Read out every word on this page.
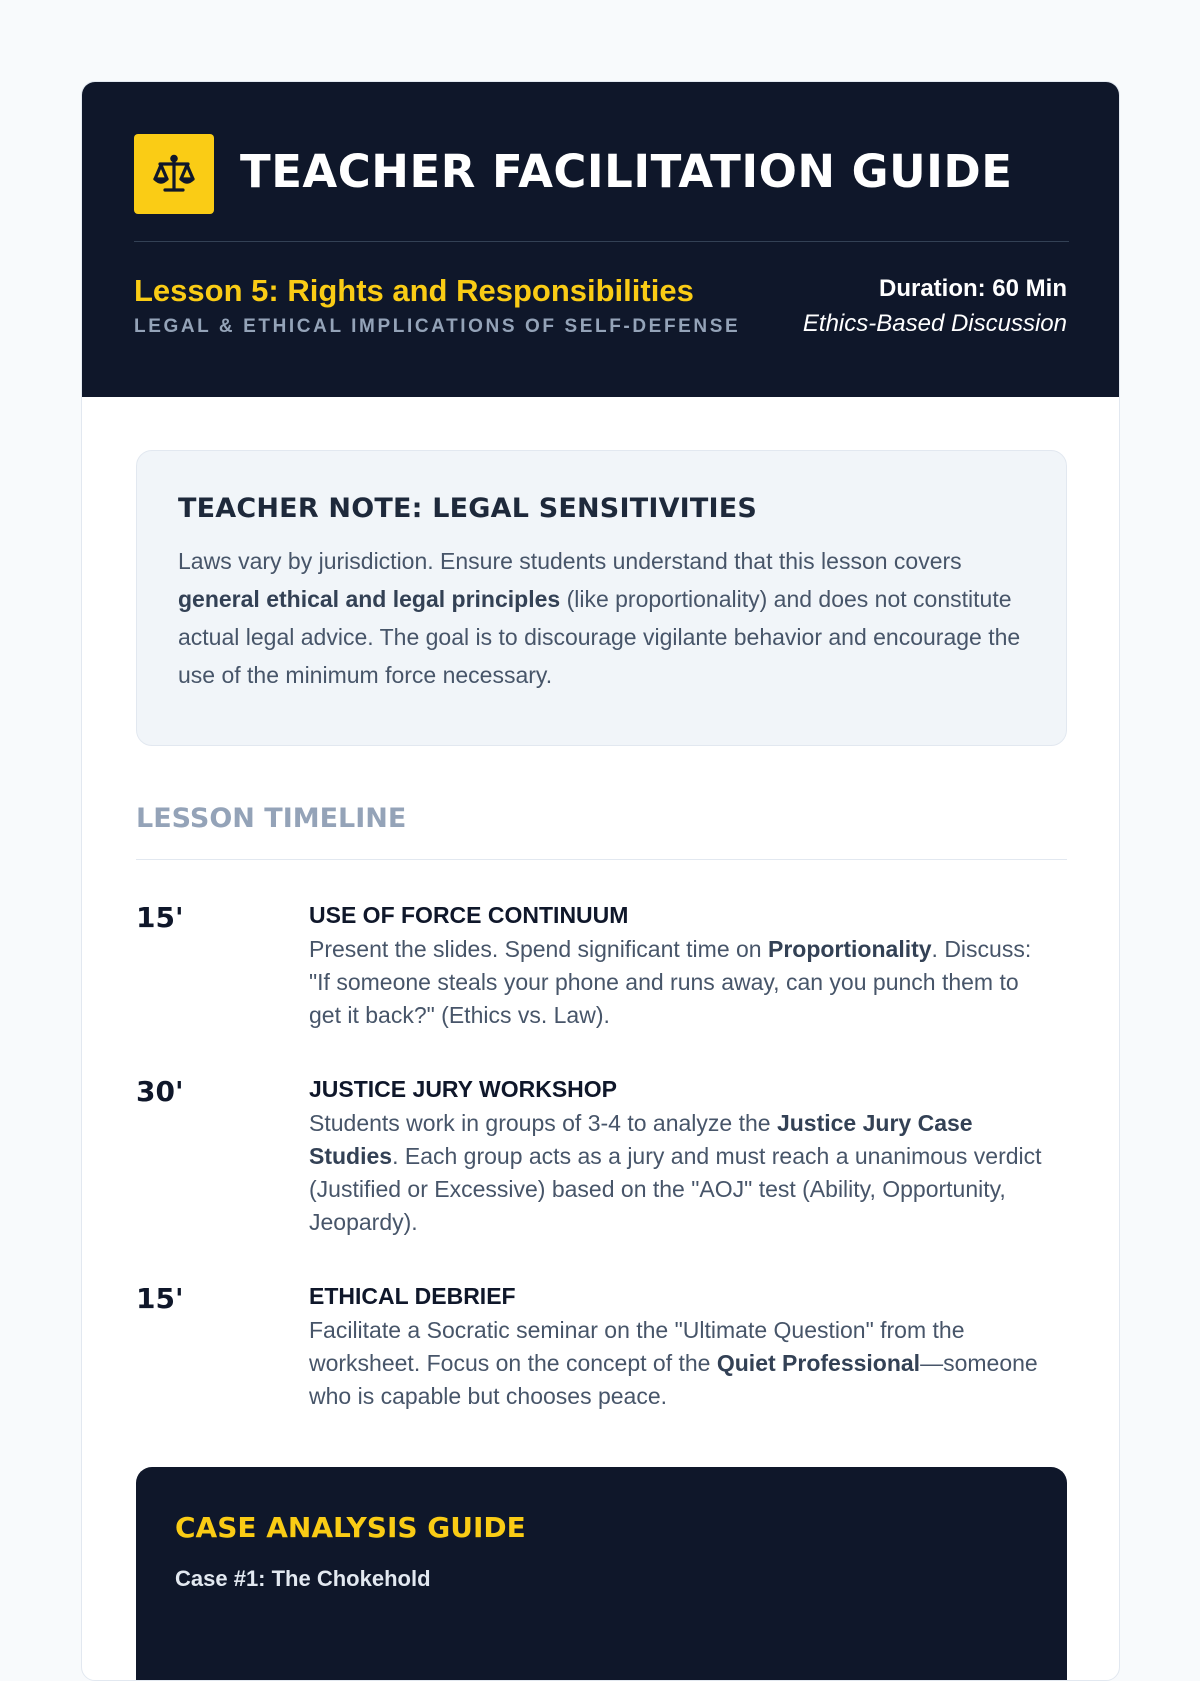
TEACHER FACILITATION GUIDE
Lesson 5: Rights and Responsibilities
LEGAL & ETHICAL IMPLICATIONS OF SELF-DEFENSE
Duration: 60 Min
Ethics-Based Discussion

TEACHER NOTE: LEGAL SENSITIVITIES

Laws vary by jurisdiction. Ensure students understand that this lesson covers general ethical and legal principles (like proportionality) and does not constitute actual legal advice. The goal is to discourage vigilante behavior and encourage the use of the minimum force necessary.

LESSON TIMELINE
15'	USE OF FORCE CONTINUUM

Present the slides. Spend significant time on Proportionality. Discuss: "If someone steals your phone and runs away, can you punch them to get it back?" (Ethics vs. Law).

30'	JUSTICE JURY WORKSHOP

Students work in groups of 3-4 to analyze the Justice Jury Case Studies. Each group acts as a jury and must reach a unanimous verdict (Justified or Excessive) based on the "AOJ" test (Ability, Opportunity, Jeopardy).

15'	ETHICAL DEBRIEF

Facilitate a Socratic seminar on the "Ultimate Question" from the worksheet. Focus on the concept of the Quiet Professional—someone who is capable but chooses peace.

CASE ANALYSIS GUIDE

Case #1: The Chokehold
